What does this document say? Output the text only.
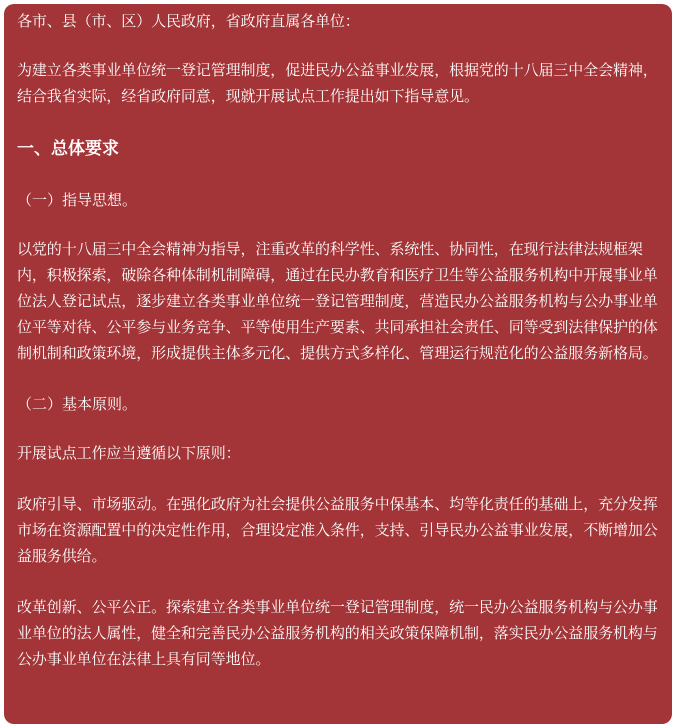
各市、县（市、区）人民政府，省政府直属各单位：

为建立各类事业单位统一登记管理制度，促进民办公益事业发展，根据党的十八届三中全会精神，结合我省实际，经省政府同意，现就开展试点工作提出如下指导意见。

一、总体要求

（一）指导思想。

以党的十八届三中全会精神为指导，注重改革的科学性、系统性、协同性，在现行法律法规框架内，积极探索，破除各种体制机制障碍，通过在民办教育和医疗卫生等公益服务机构中开展事业单位法人登记试点，逐步建立各类事业单位统一登记管理制度，营造民办公益服务机构与公办事业单位平等对待、公平参与业务竞争、平等使用生产要素、共同承担社会责任、同等受到法律保护的体制机制和政策环境，形成提供主体多元化、提供方式多样化、管理运行规范化的公益服务新格局。

（二）基本原则。

开展试点工作应当遵循以下原则：

政府引导、市场驱动。在强化政府为社会提供公益服务中保基本、均等化责任的基础上，充分发挥市场在资源配置中的决定性作用，合理设定准入条件，支持、引导民办公益事业发展，不断增加公益服务供给。

改革创新、公平公正。探索建立各类事业单位统一登记管理制度，统一民办公益服务机构与公办事业单位的法人属性，健全和完善民办公益服务机构的相关政策保障机制，落实民办公益服务机构与公办事业单位在法律上具有同等地位。
